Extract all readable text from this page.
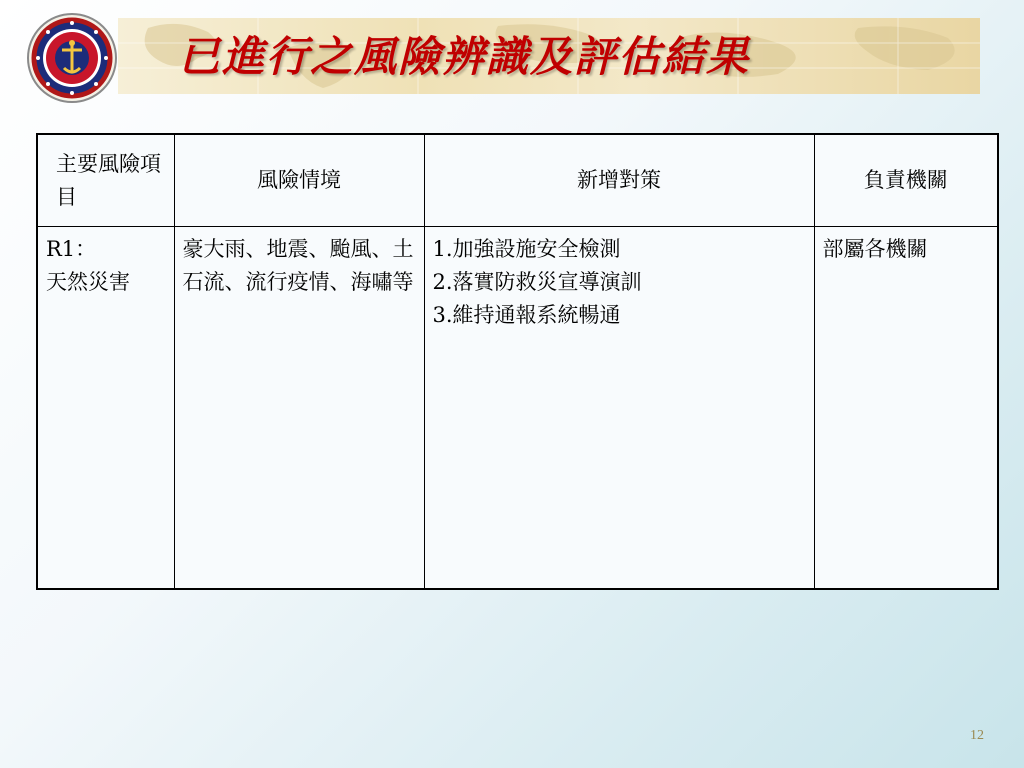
已進行之風險辨識及評估結果
主要風險項目	風險情境	新增對策	負責機關

R1：
天然災害	豪大雨、地震、颱風、土石流、流行疫情、海嘯等	1.加強設施安全檢測
2.落實防救災宣導演訓
3.維持通報系統暢通	部屬各機關
12
